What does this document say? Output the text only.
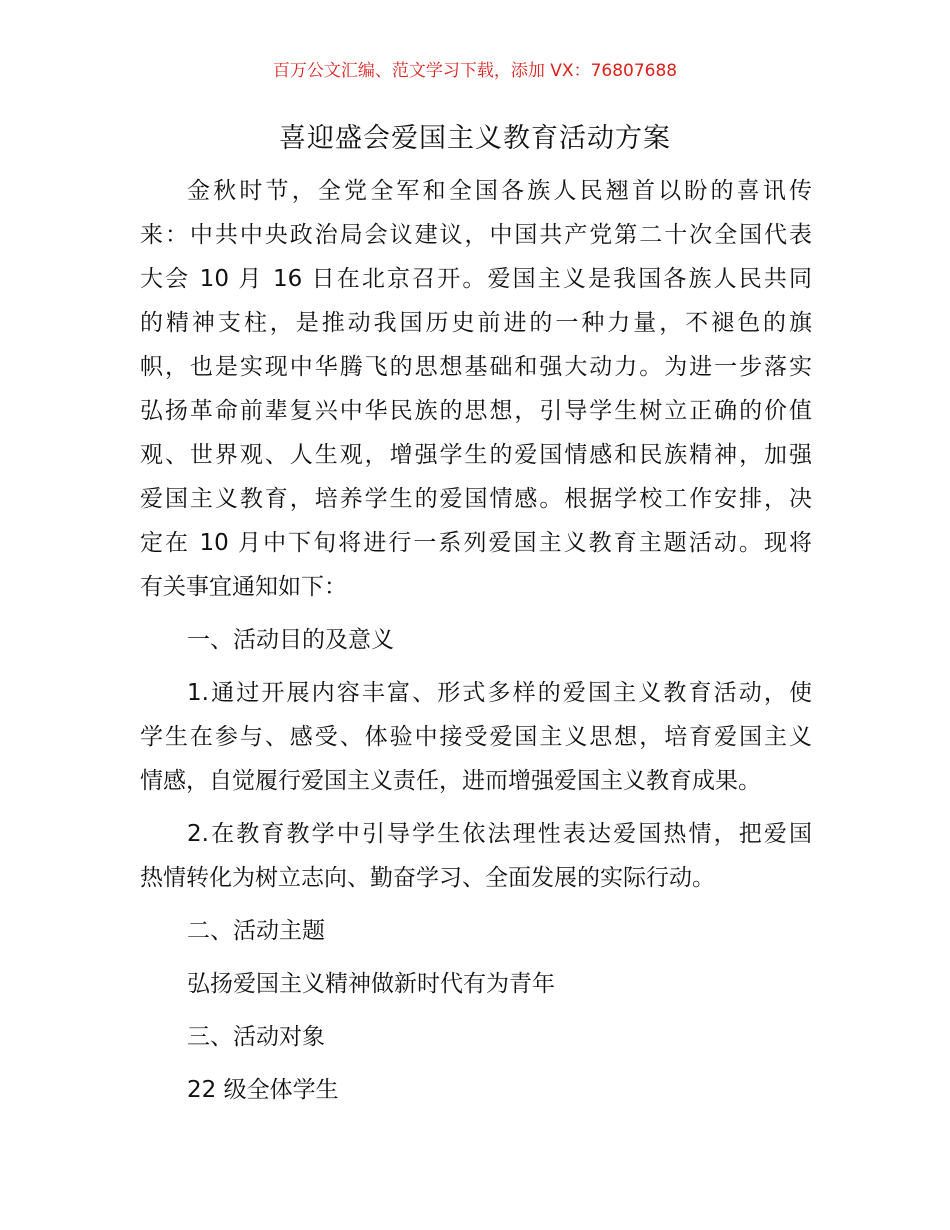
百万公文汇编、范文学习下载，添加 VX：76807688
喜迎盛会爱国主义教育活动方案
金秋时节，全党全军和全国各族人民翘首以盼的喜讯传
来：中共中央政治局会议建议，中国共产党第二十次全国代表
大会 10 月 16 日在北京召开。爱国主义是我国各族人民共同
的精神支柱，是推动我国历史前进的一种力量，不褪色的旗
帜，也是实现中华腾飞的思想基础和强大动力。为进一步落实
弘扬革命前辈复兴中华民族的思想，引导学生树立正确的价值
观、世界观、人生观，增强学生的爱国情感和民族精神，加强
爱国主义教育，培养学生的爱国情感。根据学校工作安排，决
定在 10 月中下旬将进行一系列爱国主义教育主题活动。现将
有关事宜通知如下：
一、活动目的及意义
1.通过开展内容丰富、形式多样的爱国主义教育活动，使
学生在参与、感受、体验中接受爱国主义思想，培育爱国主义
情感，自觉履行爱国主义责任，进而增强爱国主义教育成果。
2.在教育教学中引导学生依法理性表达爱国热情，把爱国
热情转化为树立志向、勤奋学习、全面发展的实际行动。
二、活动主题
弘扬爱国主义精神做新时代有为青年
三、活动对象
22 级全体学生
